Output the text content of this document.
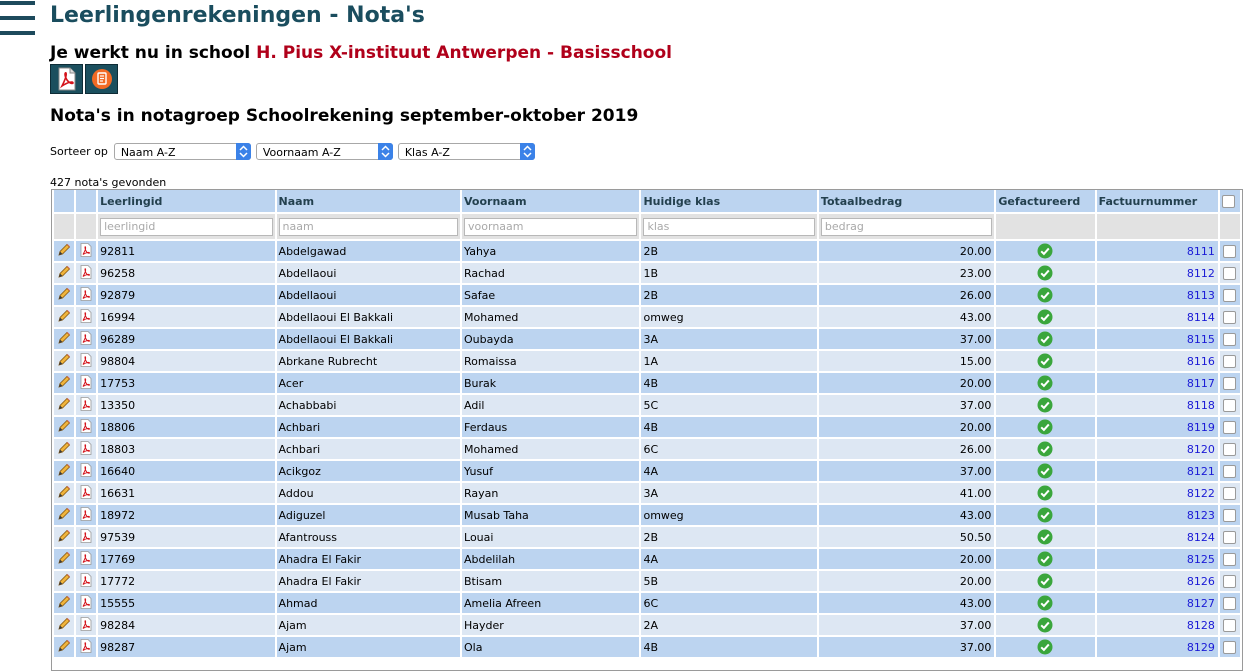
Leerlingenrekeningen - Nota's
Je werkt nu in school H. Pius X-instituut Antwerpen - Basisschool
Nota's in notagroep Schoolrekening september-oktober 2019
Sorteer op	Naam A-Z	Voornaam A-Z	Klas A-Z
427 nota's gevonden
		Leerlingid	Naam	Voornaam	Huidige klas	Totaalbedrag	Gefactureerd	Factuurnummer	
		leerlingid	naam	voornaam	klas	bedrag			
		92811	Abdelgawad	Yahya	2B	20.00		8111	
		96258	Abdellaoui	Rachad	1B	23.00		8112	
		92879	Abdellaoui	Safae	2B	26.00		8113	
		16994	Abdellaoui El Bakkali	Mohamed	omweg	43.00		8114	
		96289	Abdellaoui El Bakkali	Oubayda	3A	37.00		8115	
		98804	Abrkane Rubrecht	Romaissa	1A	15.00		8116	
		17753	Acer	Burak	4B	20.00		8117	
		13350	Achabbabi	Adil	5C	37.00		8118	
		18806	Achbari	Ferdaus	4B	20.00		8119	
		18803	Achbari	Mohamed	6C	26.00		8120	
		16640	Acikgoz	Yusuf	4A	37.00		8121	
		16631	Addou	Rayan	3A	41.00		8122	
		18972	Adiguzel	Musab Taha	omweg	43.00		8123	
		97539	Afantrouss	Louai	2B	50.50		8124	
		17769	Ahadra El Fakir	Abdelilah	4A	20.00		8125	
		17772	Ahadra El Fakir	Btisam	5B	20.00		8126	
		15555	Ahmad	Amelia Afreen	6C	43.00		8127	
		98284	Ajam	Hayder	2A	37.00		8128	
		98287	Ajam	Ola	4B	37.00		8129	
